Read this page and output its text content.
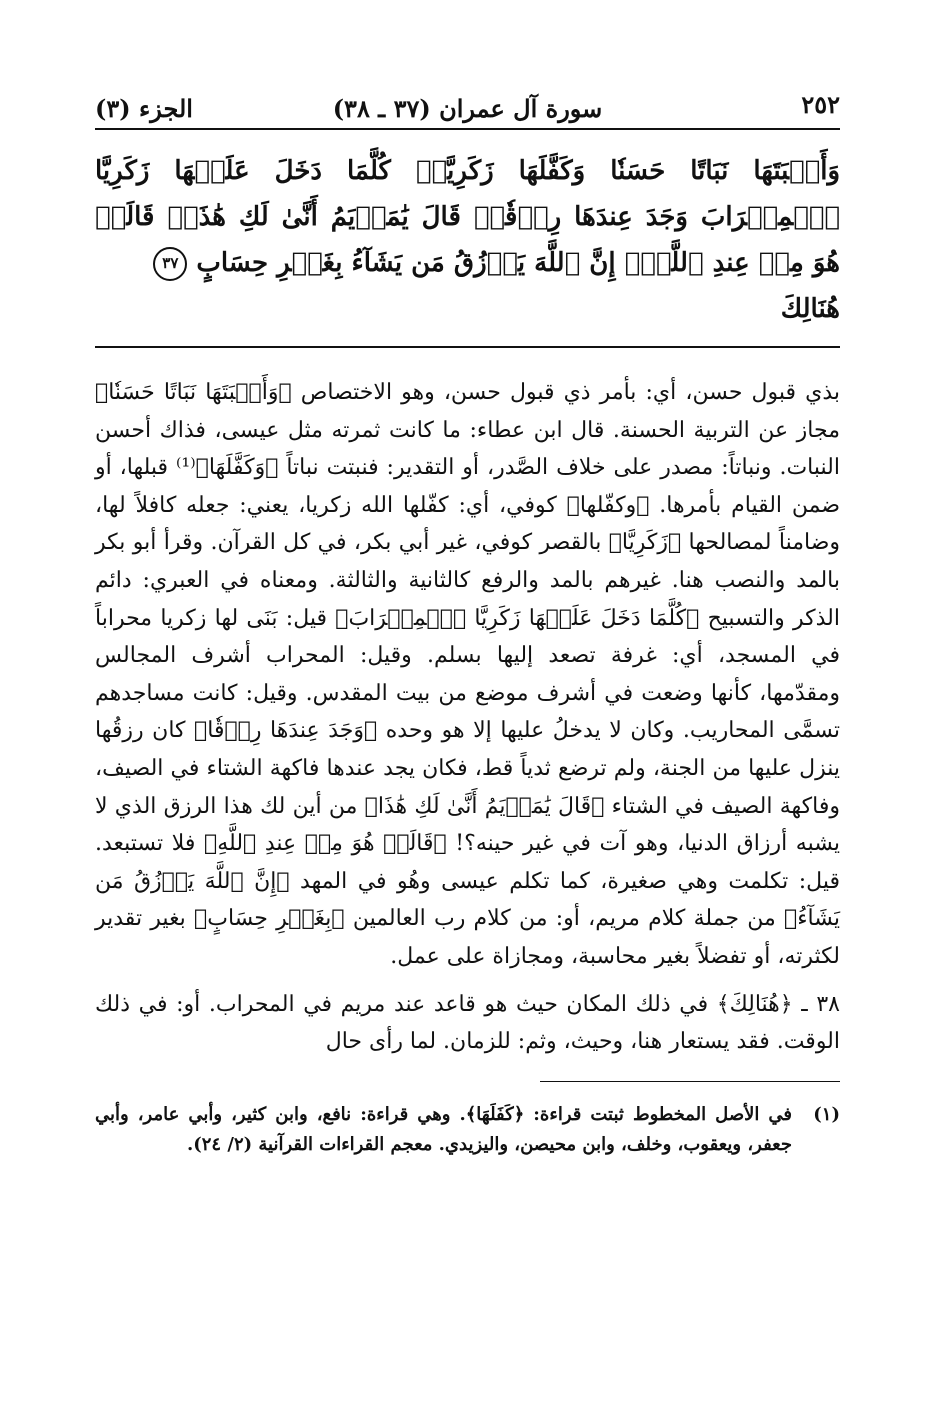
٢٥٢
سورة آل عمران (٣٧ ـ ٣٨)
الجزء (٣)
وَأَنۢبَتَهَا نَبَاتًا حَسَنٗا وَكَفَّلَهَا زَكَرِيَّاۖ كُلَّمَا دَخَلَ عَلَيۡهَا زَكَرِيَّا ٱلۡمِحۡرَابَ وَجَدَ عِندَهَا رِزۡقٗاۖ قَالَ يَٰمَرۡيَمُ أَنَّىٰ لَكِ هَٰذَاۖ قَالَتۡ هُوَ مِنۡ عِندِ ٱللَّهِۖ إِنَّ ٱللَّهَ يَرۡزُقُ مَن يَشَآءُ بِغَيۡرِ حِسَابٍ ٣٧
هُنَالِكَ

بذي قبول حسن، أي: بأمر ذي قبول حسن، وهو الاختصاص ﴿وَأَنۢبَتَهَا نَبَاتًا حَسَنٗا﴾ مجاز عن التربية الحسنة. قال ابن عطاء: ما كانت ثمرته مثل عيسى، فذاك أحسن النبات. ونباتاً: مصدر على خلاف الصَّدر، أو التقدير: فنبتت نباتاً ﴿وَكَفَّلَهَا﴾⁽¹⁾ قبلها، أو ضمن القيام بأمرها. ﴿وكفّلها﴾ كوفي، أي: كفّلها الله زكريا، يعني: جعله كافلاً لها، وضامناً لمصالحها ﴿زَكَرِيَّا﴾ بالقصر كوفي، غير أبي بكر، في كل القرآن. وقرأ أبو بكر بالمد والنصب هنا. غيرهم بالمد والرفع كالثانية والثالثة. ومعناه في العبري: دائم الذكر والتسبيح ﴿كُلَّمَا دَخَلَ عَلَيۡهَا زَكَرِيَّا ٱلۡمِحۡرَابَ﴾ قيل: بَنَى لها زكريا محراباً في المسجد، أي: غرفة تصعد إليها بسلم. وقيل: المحراب أشرف المجالس ومقدّمها، كأنها وضعت في أشرف موضع من بيت المقدس. وقيل: كانت مساجدهم تسمَّى المحاريب. وكان لا يدخلُ عليها إلا هو وحده ﴿وَجَدَ عِندَهَا رِزۡقٗا﴾ كان رزقُها ينزل عليها من الجنة، ولم ترضع ثدياً قط، فكان يجد عندها فاكهة الشتاء في الصيف، وفاكهة الصيف في الشتاء ﴿قَالَ يَٰمَرۡيَمُ أَنَّىٰ لَكِ هَٰذَا﴾ من أين لك هذا الرزق الذي لا يشبه أرزاق الدنيا، وهو آت في غير حينه؟! ﴿قَالَتۡ هُوَ مِنۡ عِندِ ٱللَّهِ﴾ فلا تستبعد. قيل: تكلمت وهي صغيرة، كما تكلم عيسى وهُو في المهد ﴿إِنَّ ٱللَّهَ يَرۡزُقُ مَن يَشَآءُ﴾ من جملة كلام مريم، أو: من كلام رب العالمين ﴿بِغَيۡرِ حِسَابٍ﴾ بغير تقدير لكثرته، أو تفضلاً بغير محاسبة، ومجازاة على عمل.

٣٨ ـ ﴿هُنَالِكَ﴾ في ذلك المكان حيث هو قاعد عند مريم في المحراب. أو: في ذلك الوقت. فقد يستعار هنا، وحيث، وثم: للزمان. لما رأى حال

(١)
في الأصل المخطوط ثبتت قراءة: ﴿كَفَلَهَا﴾. وهي قراءة: نافع، وابن كثير، وأبي عامر، وأبي جعفر، ويعقوب، وخلف، وابن محيصن، واليزيدي. معجم القراءات القرآنية (٢/ ٢٤).
